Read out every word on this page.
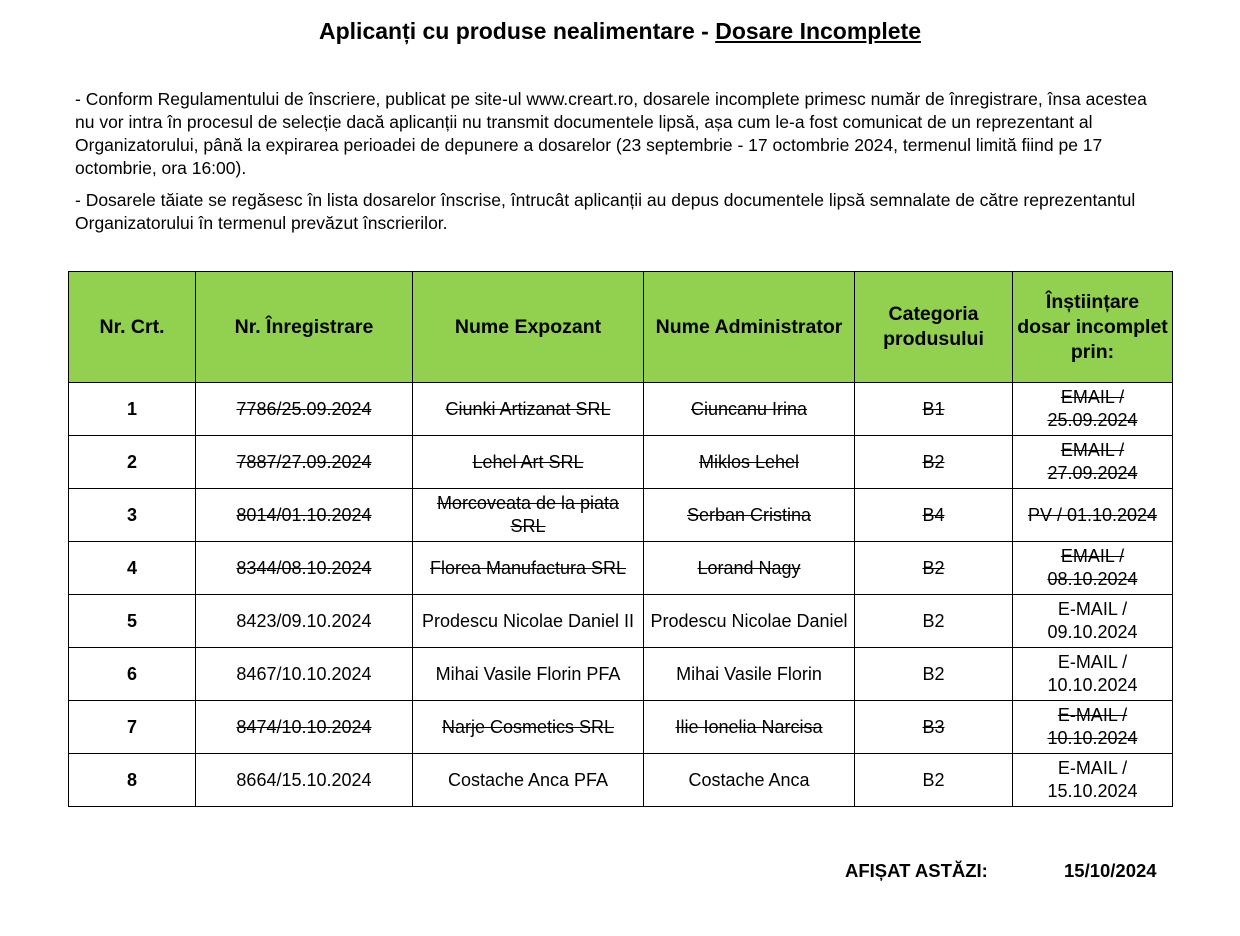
Aplicanți cu produse nealimentare - Dosare Incomplete

- Conform Regulamentului de înscriere, publicat pe site-ul www.creart.ro, dosarele incomplete primesc număr de înregistrare, însa acestea nu vor intra în procesul de selecție dacă aplicanții nu transmit documentele lipsă, așa cum le-a fost comunicat de un reprezentant al Organizatorului, până la expirarea perioadei de depunere a dosarelor (23 septembrie - 17 octombrie 2024, termenul limită fiind pe 17 octombrie, ora 16:00).

- Dosarele tăiate se regăsesc în lista dosarelor înscrise, întrucât aplicanții au depus documentele lipsă semnalate de către reprezentantul Organizatorului în termenul prevăzut înscrierilor.

Nr. Crt.	Nr. Înregistrare	Nume Expozant	Nume Administrator	Categoria produsului	Înștiințare dosar incomplet prin:
1	7786/25.09.2024	Ciunki Artizanat SRL	Ciuncanu Irina	B1	EMAIL / 25.09.2024
2	7887/27.09.2024	Lehel Art SRL	Miklos Lehel	B2	EMAIL / 27.09.2024
3	8014/01.10.2024	Morcoveata de la piata SRL	Serban Cristina	B4	PV / 01.10.2024
4	8344/08.10.2024	Florea Manufactura SRL	Lorand Nagy	B2	EMAIL / 08.10.2024
5	8423/09.10.2024	Prodescu Nicolae Daniel II	Prodescu Nicolae Daniel	B2	E-MAIL / 09.10.2024
6	8467/10.10.2024	Mihai Vasile Florin PFA	Mihai Vasile Florin	B2	E-MAIL / 10.10.2024
7	8474/10.10.2024	Narje Cosmetics SRL	Ilie Ionelia Narcisa	B3	E-MAIL / 10.10.2024
8	8664/15.10.2024	Costache Anca PFA	Costache Anca	B2	E-MAIL / 15.10.2024
AFIȘAT ASTĂZI:	15/10/2024
